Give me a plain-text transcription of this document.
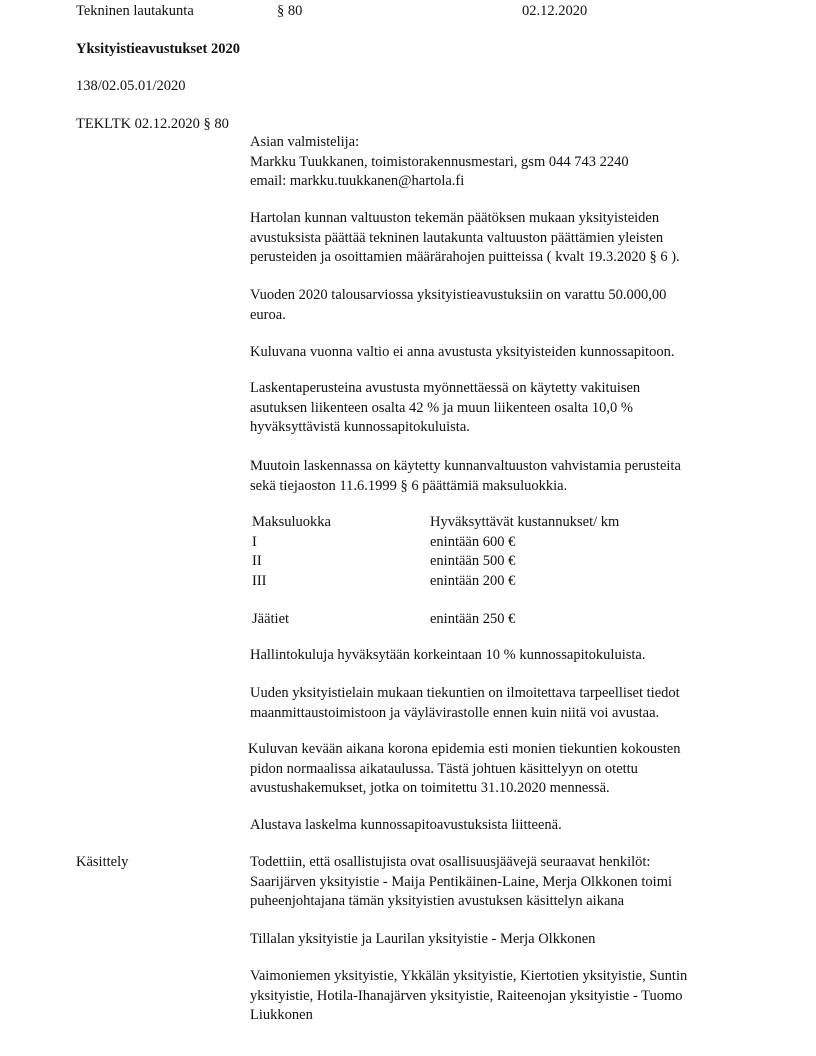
Tekninen lautakunta	§ 80	02.12.2020
Yksityistieavustukset 2020
138/02.05.01/2020
TEKLTK 02.12.2020 § 80

Asian valmistelija:

Markku Tuukkanen, toimistorakennusmestari, gsm 044 743 2240

email: markku.tuukkanen@hartola.fi

Hartolan kunnan valtuuston tekemän päätöksen mukaan yksityisteiden

avustuksista päättää tekninen lautakunta valtuuston päättämien yleisten

perusteiden ja osoittamien määrärahojen puitteissa ( kvalt 19.3.2020 § 6 ).

Vuoden 2020 talousarviossa yksityistieavustuksiin on varattu 50.000,00

euroa.

Kuluvana vuonna valtio ei anna avustusta yksityisteiden kunnossapitoon.

Laskentaperusteina avustusta myönnettäessä on käytetty vakituisen

asutuksen liikenteen osalta 42 % ja muun liikenteen osalta 10,0 %

hyväksyttävistä kunnossapitokuluista.

Muutoin laskennassa on käytetty kunnanvaltuuston vahvistamia perusteita

sekä tiejaoston 11.6.1999 § 6 päättämiä maksuluokkia.

Maksuluokka	Hyväksyttävät kustannukset/ km
I	enintään 600 €
II	enintään 500 €
III	enintään 200 €
Jäätiet	enintään 250 €

Hallintokuluja hyväksytään korkeintaan 10 % kunnossapitokuluista.

Uuden yksityistielain mukaan tiekuntien on ilmoitettava tarpeelliset tiedot

maanmittaustoimistoon ja väylävirastolle ennen kuin niitä voi avustaa.

Kuluvan kevään aikana korona epidemia esti monien tiekuntien kokousten

pidon normaalissa aikataulussa. Tästä johtuen käsittelyyn on otettu

avustushakemukset, jotka on toimitettu 31.10.2020 mennessä.

Alustava laskelma kunnossapitoavustuksista liitteenä.

Käsittely	Todettiin, että osallistujista ovat osallisuusjäävejä seuraavat henkilöt:

Saarijärven yksityistie - Maija Pentikäinen-Laine, Merja Olkkonen toimi

puheenjohtajana tämän yksityistien avustuksen käsittelyn aikana

Tillalan yksityistie ja Laurilan yksityistie - Merja Olkkonen

Vaimoniemen yksityistie, Ykkälän yksityistie, Kiertotien yksityistie, Suntin

yksityistie, Hotila-Ihanajärven yksityistie, Raiteenojan yksityistie - Tuomo

Liukkonen
